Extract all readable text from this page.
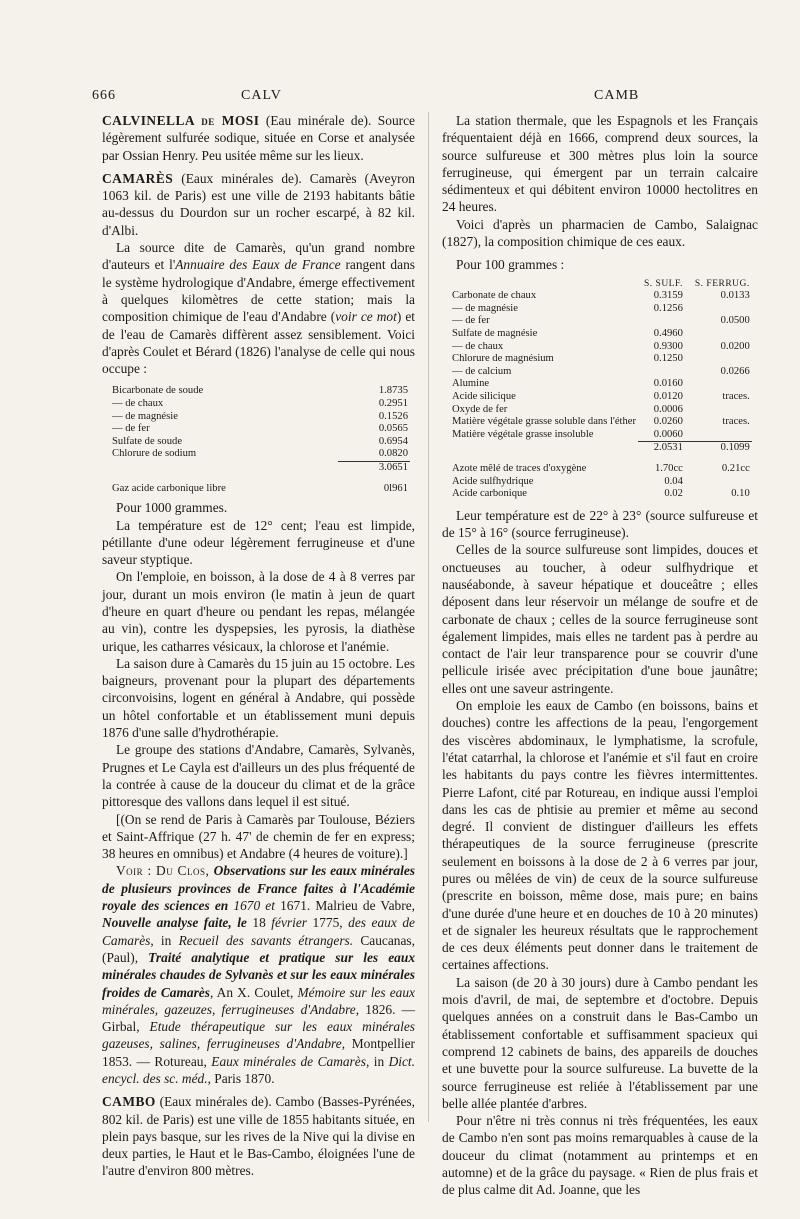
666	CALV	CAMB

CALVINELLA de MOSI (Eau minérale de). Source légèrement sulfurée sodique, située en Corse et analysée par Ossian Henry. Peu usitée même sur les lieux.

CAMARÈS (Eaux minérales de). Camarès (Aveyron 1063 kil. de Paris) est une ville de 2193 habitants bâtie au-dessus du Dourdon sur un rocher escarpé, à 82 kil. d'Albi.

La source dite de Camarès, qu'un grand nombre d'auteurs et l'Annuaire des Eaux de France rangent dans le système hydrologique d'Andabre, émerge effectivement à quelques kilomètres de cette station; mais la composition chimique de l'eau d'Andabre (voir ce mot) et de l'eau de Camarès diffèrent assez sensiblement. Voici d'après Coulet et Bérard (1826) l'analyse de celle qui nous occupe :

Bicarbonate de soude	1.8735
— de chaux	0.2951
— de magnésie	0.1526
— de fer	0.0565
Sulfate de soude	0.6954
Chlorure de sodium	0.0820
	3.0651

Gaz acide carbonique libre	0l961

Pour 1000 grammes.

La température est de 12° cent; l'eau est limpide, pétillante d'une odeur légèrement ferrugineuse et d'une saveur styptique.

On l'emploie, en boisson, à la dose de 4 à 8 verres par jour, durant un mois environ (le matin à jeun de quart d'heure en quart d'heure ou pendant les repas, mélangée au vin), contre les dyspepsies, les pyrosis, la diathèse urique, les catharres vésicaux, la chlorose et l'anémie.

La saison dure à Camarès du 15 juin au 15 octobre. Les baigneurs, provenant pour la plupart des départements circonvoisins, logent en général à Andabre, qui possède un hôtel confortable et un établissement muni depuis 1876 d'une salle d'hydrothérapie.

Le groupe des stations d'Andabre, Camarès, Sylvanès, Prugnes et Le Cayla est d'ailleurs un des plus fréquenté de la contrée à cause de la douceur du climat et de la grâce pittoresque des vallons dans lequel il est situé.

[(On se rend de Paris à Camarès par Toulouse, Béziers et Saint-Affrique (27 h. 47' de chemin de fer en express; 38 heures en omnibus) et Andabre (4 heures de voiture).]

Voir : Du Clos, Observations sur les eaux minérales de plusieurs provinces de France faites à l'Académie royale des sciences en 1670 et 1671. Malrieu de Vabre, Nouvelle analyse faite, le 18 février 1775, des eaux de Camarès, in Recueil des savants étrangers. Caucanas, (Paul), Traité analytique et pratique sur les eaux minérales chaudes de Sylvanès et sur les eaux minérales froides de Camarès, An X. Coulet, Mémoire sur les eaux minérales, gazeuzes, ferrugineuses d'Andabre, 1826. — Girbal, Etude thérapeutique sur les eaux minérales gazeuses, salines, ferrugineuses d'Andabre, Montpellier 1853. — Rotureau, Eaux minérales de Camarès, in Dict. encycl. des sc. méd., Paris 1870.

CAMBO (Eaux minérales de). Cambo (Basses-Pyrénées, 802 kil. de Paris) est une ville de 1855 habitants située, en plein pays basque, sur les rives de la Nive qui la divise en deux parties, le Haut et le Bas-Cambo, éloignées l'une de l'autre d'environ 800 mètres.

La station thermale, que les Espagnols et les Français fréquentaient déjà en 1666, comprend deux sources, la source sulfureuse et 300 mètres plus loin la source ferrugineuse, qui émergent par un terrain calcaire sédimenteux et qui débitent environ 10000 hectolitres en 24 heures.

Voici d'après un pharmacien de Cambo, Salaignac (1827), la composition chimique de ces eaux.

Pour 100 grammes :

	S. SULF.	S. FERRUG.
Carbonate de chaux	0.3159	0.0133
— de magnésie	0.1256	
— de fer		0.0500
Sulfate de magnésie	0.4960	
— de chaux	0.9300	0.0200
Chlorure de magnésium	0.1250	
— de calcium		0.0266
Alumine	0.0160	
Acide silicique	0.0120	traces.
Oxyde de fer	0.0006	
Matière végétale grasse soluble dans l'éther	0.0260	traces.
Matière végétale grasse insoluble	0.0060	
	2.0531	0.1099

Azote mêlé de traces d'oxygène	1.70cc	0.21cc
Acide sulfhydrique	0.04	
Acide carbonique	0.02	0.10

Leur température est de 22° à 23° (source sulfureuse et de 15° à 16° (source ferrugineuse).

Celles de la source sulfureuse sont limpides, douces et onctueuses au toucher, à odeur sulfhydrique et nauséabonde, à saveur hépatique et douceâtre ; elles déposent dans leur réservoir un mélange de soufre et de carbonate de chaux ; celles de la source ferrugineuse sont également limpides, mais elles ne tardent pas à perdre au contact de l'air leur transparence pour se couvrir d'une pellicule irisée avec précipitation d'une boue jaunâtre; elles ont une saveur astringente.

On emploie les eaux de Cambo (en boissons, bains et douches) contre les affections de la peau, l'engorgement des viscères abdominaux, le lymphatisme, la scrofule, l'état catarrhal, la chlorose et l'anémie et s'il faut en croire les habitants du pays contre les fièvres intermittentes. Pierre Lafont, cité par Rotureau, en indique aussi l'emploi dans les cas de phtisie au premier et même au second degré. Il convient de distinguer d'ailleurs les effets thérapeutiques de la source ferrugineuse (prescrite seulement en boissons à la dose de 2 à 6 verres par jour, pures ou mêlées de vin) de ceux de la source sulfureuse (prescrite en boisson, même dose, mais pure; en bains d'une durée d'une heure et en douches de 10 à 20 minutes) et de signaler les heureux résultats que le rapprochement de ces deux éléments peut donner dans le traitement de certaines affections.

La saison (de 20 à 30 jours) dure à Cambo pendant les mois d'avril, de mai, de septembre et d'octobre. Depuis quelques années on a construit dans le Bas-Cambo un établissement confortable et suffisamment spacieux qui comprend 12 cabinets de bains, des appareils de douches et une buvette pour la source sulfureuse. La buvette de la source ferrugineuse est reliée à l'établissement par une belle allée plantée d'arbres.

Pour n'être ni très connus ni très fréquentées, les eaux de Cambo n'en sont pas moins remarquables à cause de la douceur du climat (notamment au printemps et en automne) et de la grâce du paysage. « Rien de plus frais et de plus calme dit Ad. Joanne, que les
